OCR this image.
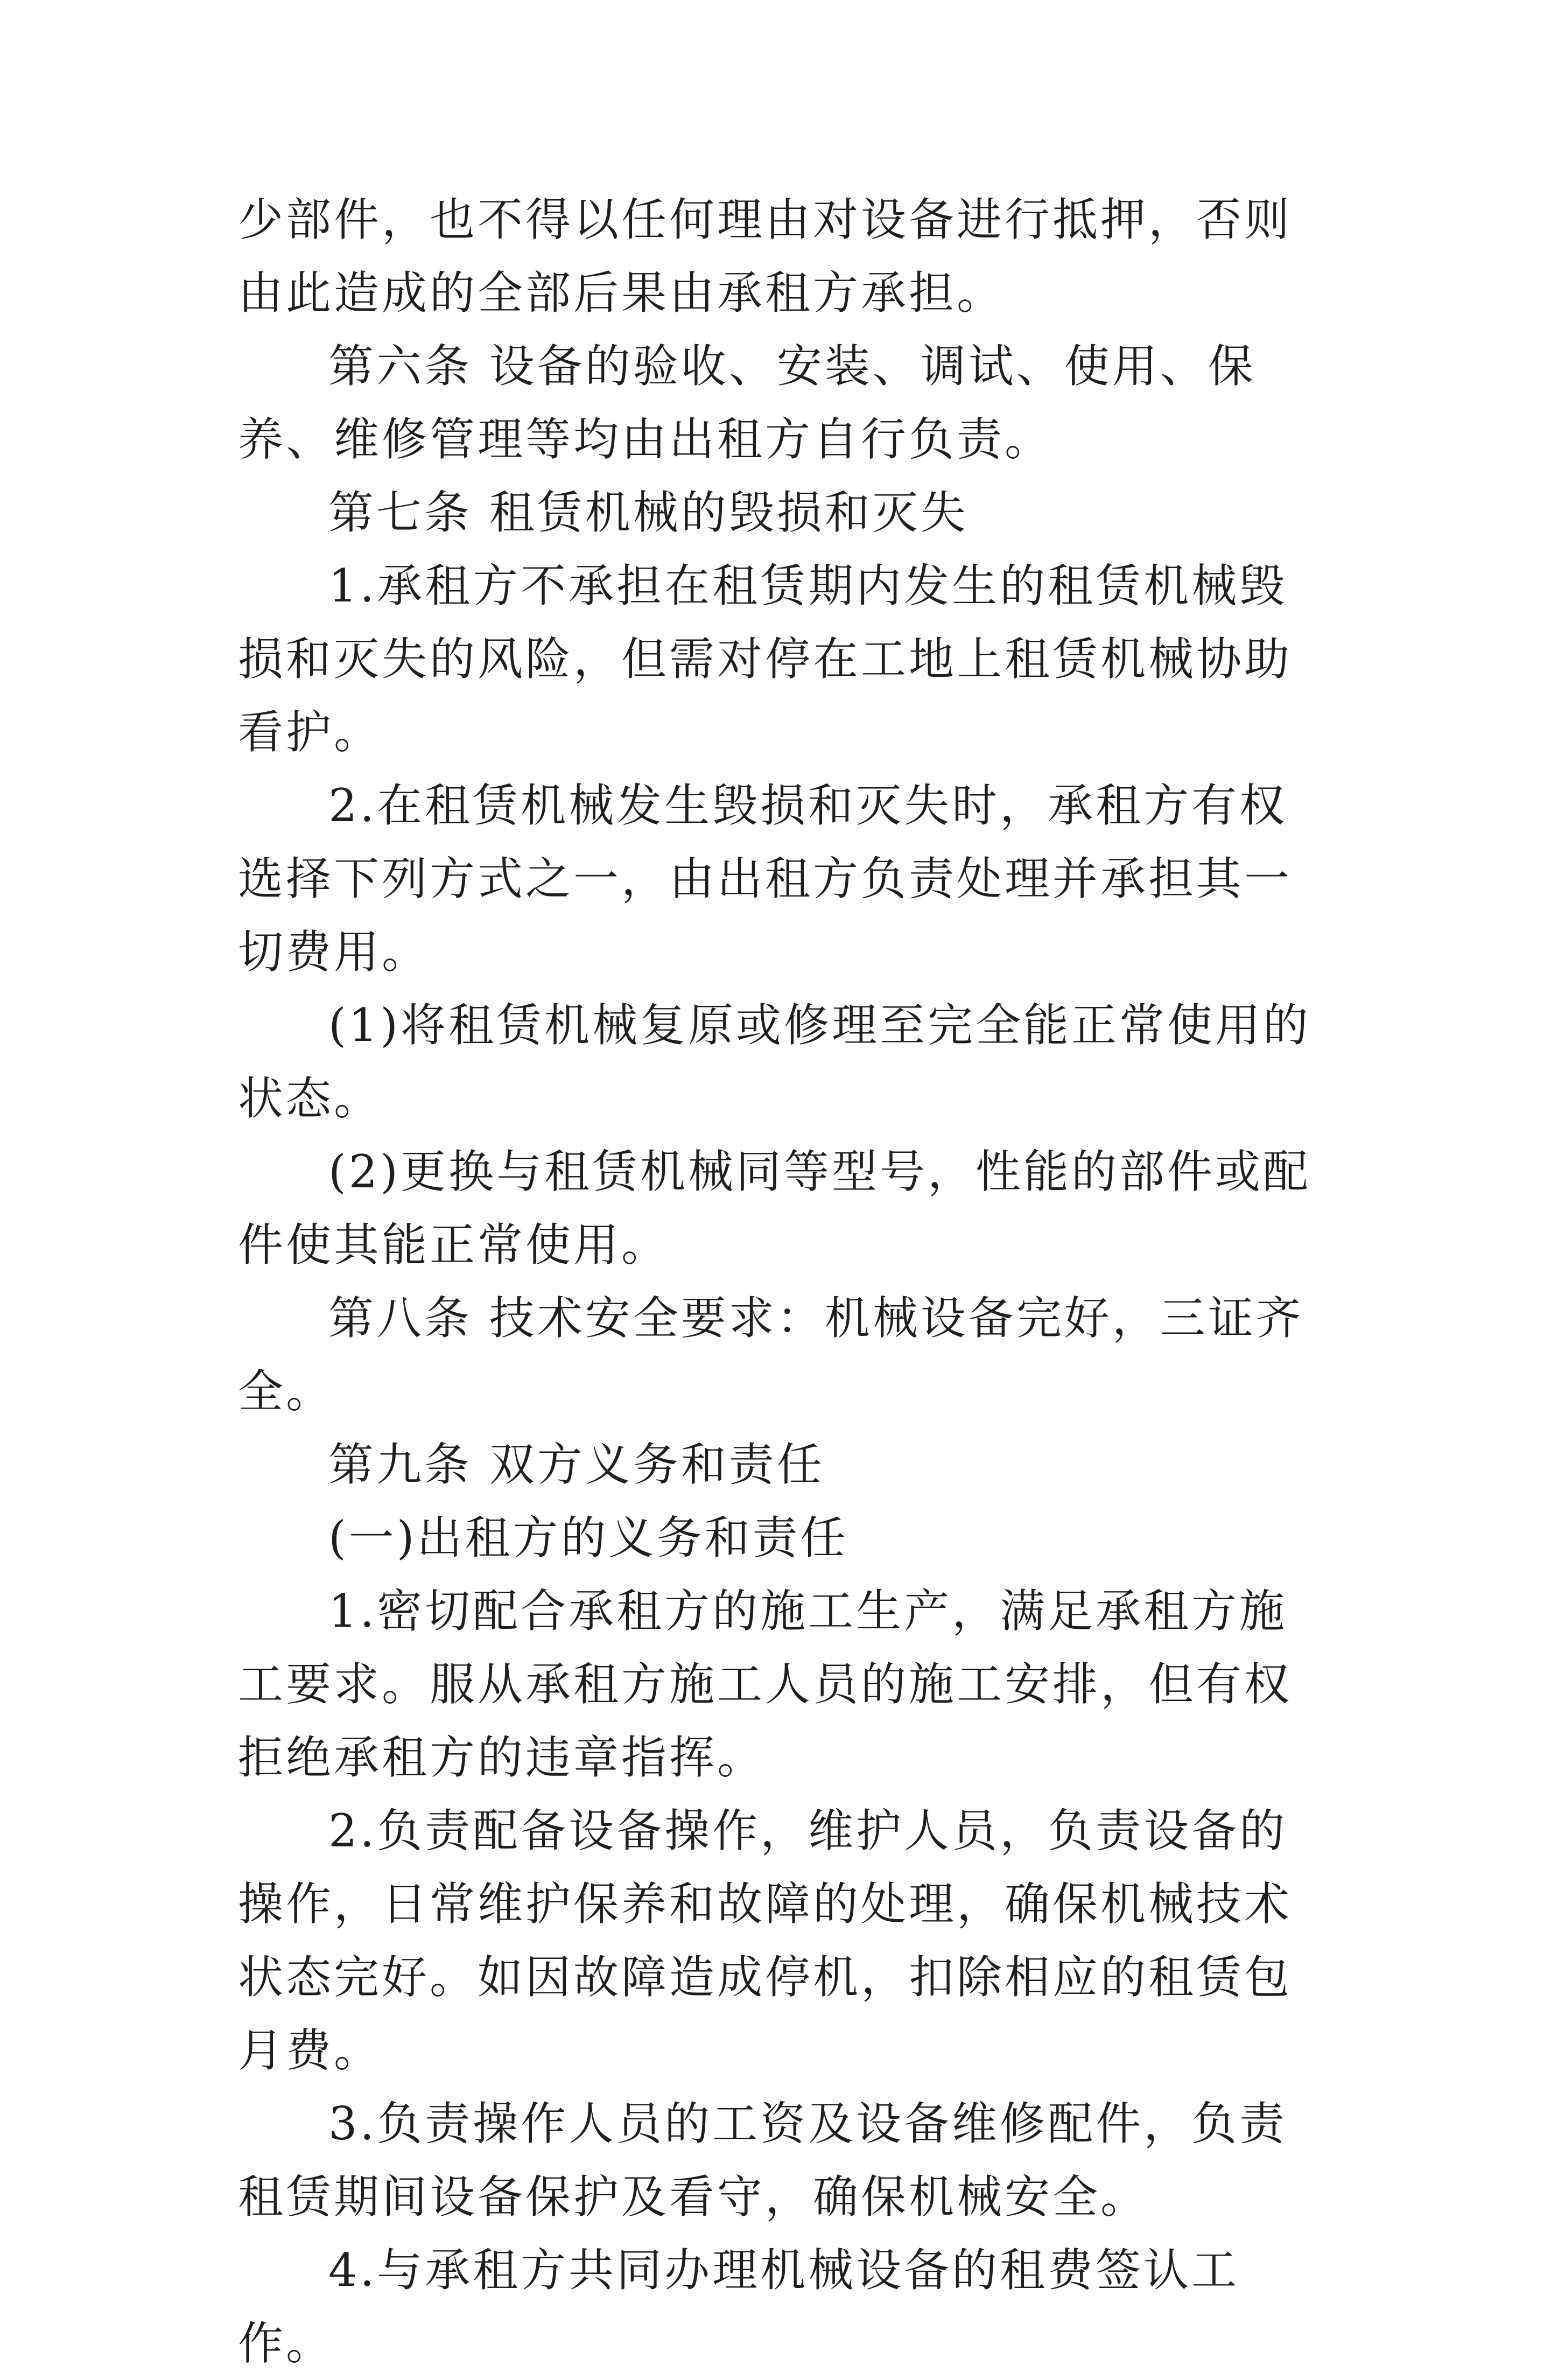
少部件，也不得以任何理由对设备进行抵押，否则由此造成的全部后果由承租方承担。

第六条 设备的验收、安装、调试、使用、保养、维修管理等均由出租方自行负责。

第七条 租赁机械的毁损和灭失

1.承租方不承担在租赁期内发生的租赁机械毁损和灭失的风险，但需对停在工地上租赁机械协助看护。

2.在租赁机械发生毁损和灭失时，承租方有权选择下列方式之一，由出租方负责处理并承担其一切费用。

(1)将租赁机械复原或修理至完全能正常使用的状态。

(2)更换与租赁机械同等型号，性能的部件或配件使其能正常使用。

第八条 技术安全要求：机械设备完好，三证齐全。

第九条 双方义务和责任

(一)出租方的义务和责任

1.密切配合承租方的施工生产，满足承租方施工要求。服从承租方施工人员的施工安排，但有权拒绝承租方的违章指挥。

2.负责配备设备操作，维护人员，负责设备的操作，日常维护保养和故障的处理，确保机械技术状态完好。如因故障造成停机，扣除相应的租赁包月费。

3.负责操作人员的工资及设备维修配件，负责租赁期间设备保护及看守，确保机械安全。

4.与承租方共同办理机械设备的租费签认工作。
